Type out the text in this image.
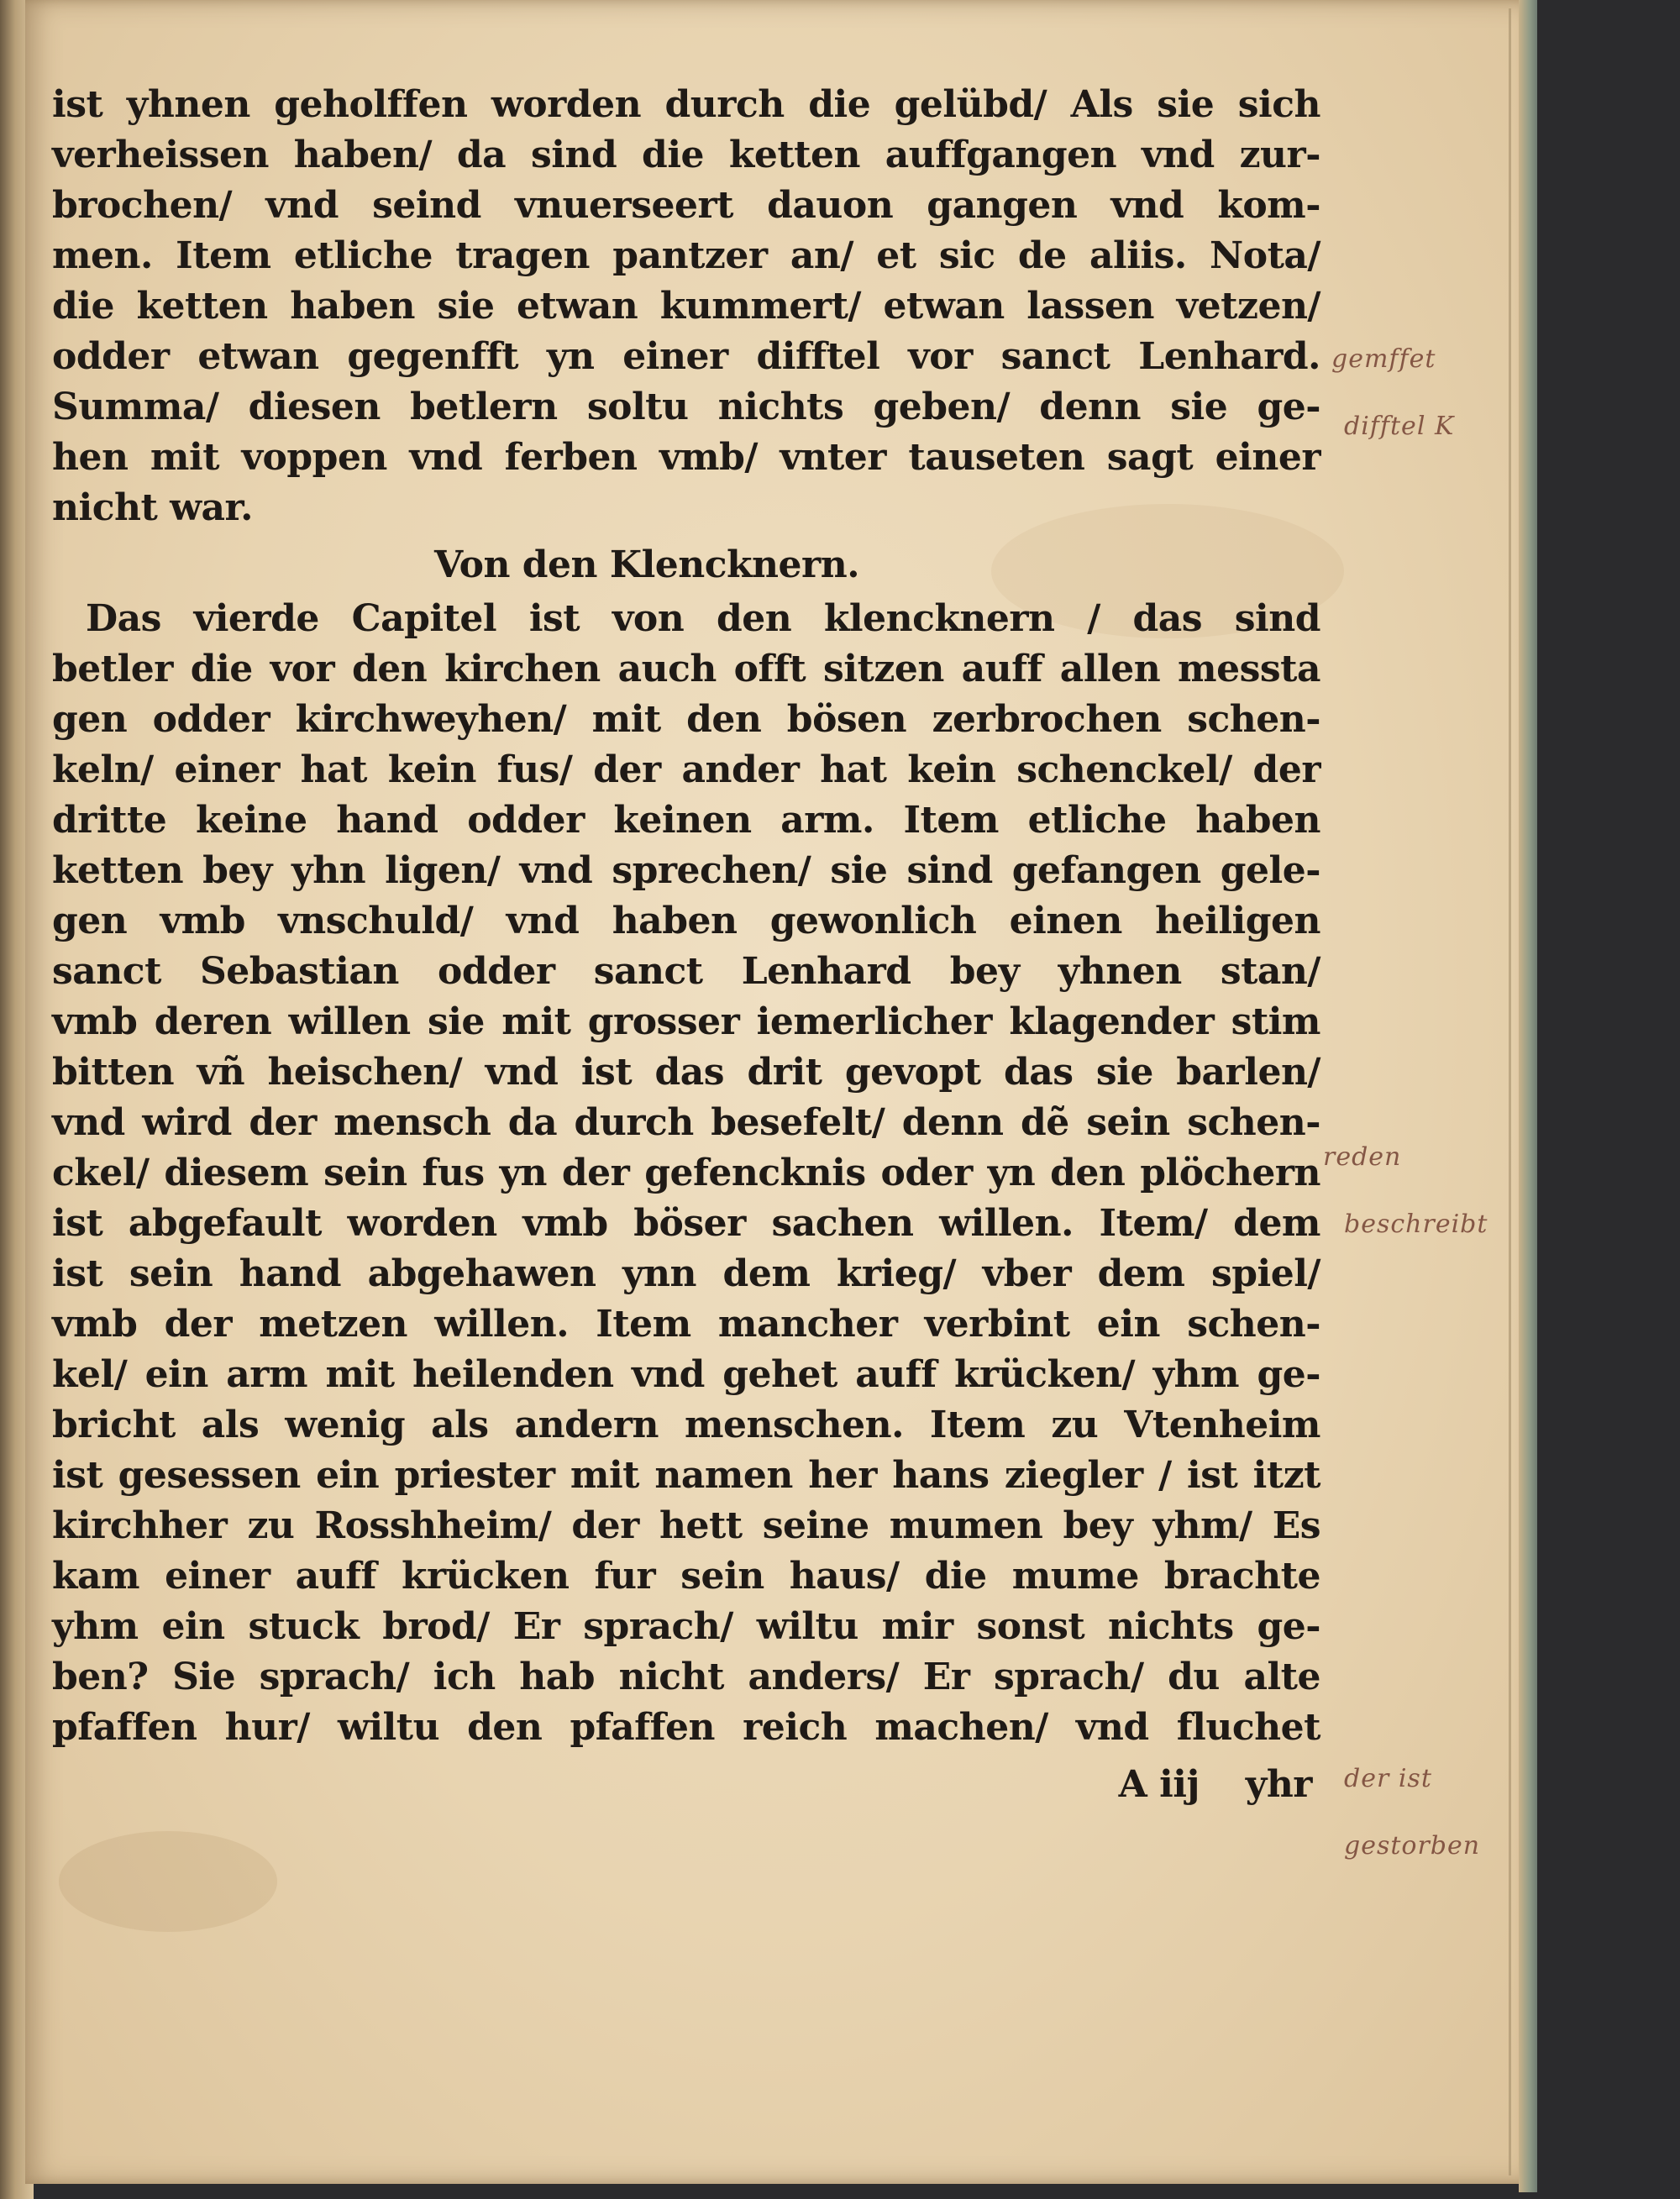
ist yhnen geholffen worden durch die gelübd/ Als sie sich
verheissen haben/ da sind die ketten auffgangen vnd zur-
brochen/ vnd seind vnuerseert dauon gangen vnd kom-
men. Item etliche tragen pantzer an/ et sic de aliis. Nota/
die ketten haben sie etwan kummert/ etwan lassen vetzen/
odder etwan gegenfft yn einer difftel vor sanct Lenhard.
Summa/ diesen betlern soltu nichts geben/ denn sie ge-
hen mit voppen vnd ferben vmb/ vnter tauseten sagt einer
nicht war.
Von den Klencknern.
Das vierde Capitel ist von den klencknern / das sind
betler die vor den kirchen auch offt sitzen auff allen messta
gen odder kirchweyhen/ mit den bösen zerbrochen schen-
keln/ einer hat kein fus/ der ander hat kein schenckel/ der
dritte keine hand odder keinen arm. Item etliche haben
ketten bey yhn ligen/ vnd sprechen/ sie sind gefangen gele-
gen vmb vnschuld/ vnd haben gewonlich einen heiligen
sanct Sebastian odder sanct Lenhard bey yhnen stan/
vmb deren willen sie mit grosser iemerlicher klagender stim
bitten vñ heischen/ vnd ist das drit gevopt das sie barlen/
vnd wird der mensch da durch besefelt/ denn dẽ sein schen-
ckel/ diesem sein fus yn der gefencknis oder yn den plöchern
ist abgefault worden vmb böser sachen willen. Item/ dem
ist sein hand abgehawen ynn dem krieg/ vber dem spiel/
vmb der metzen willen. Item mancher verbint ein schen-
kel/ ein arm mit heilenden vnd gehet auff krücken/ yhm ge-
bricht als wenig als andern menschen. Item zu Vtenheim
ist gesessen ein priester mit namen her hans ziegler / ist itzt
kirchher zu Rosshheim/ der hett seine mumen bey yhm/ Es
kam einer auff krücken fur sein haus/ die mume brachte
yhm ein stuck brod/ Er sprach/ wiltu mir sonst nichts ge-
ben? Sie sprach/ ich hab nicht anders/ Er sprach/ du alte
pfaffen hur/ wiltu den pfaffen reich machen/ vnd fluchet
A iij yhr
gemffet
difftel K
reden
beschreibt
der ist
gestorben
